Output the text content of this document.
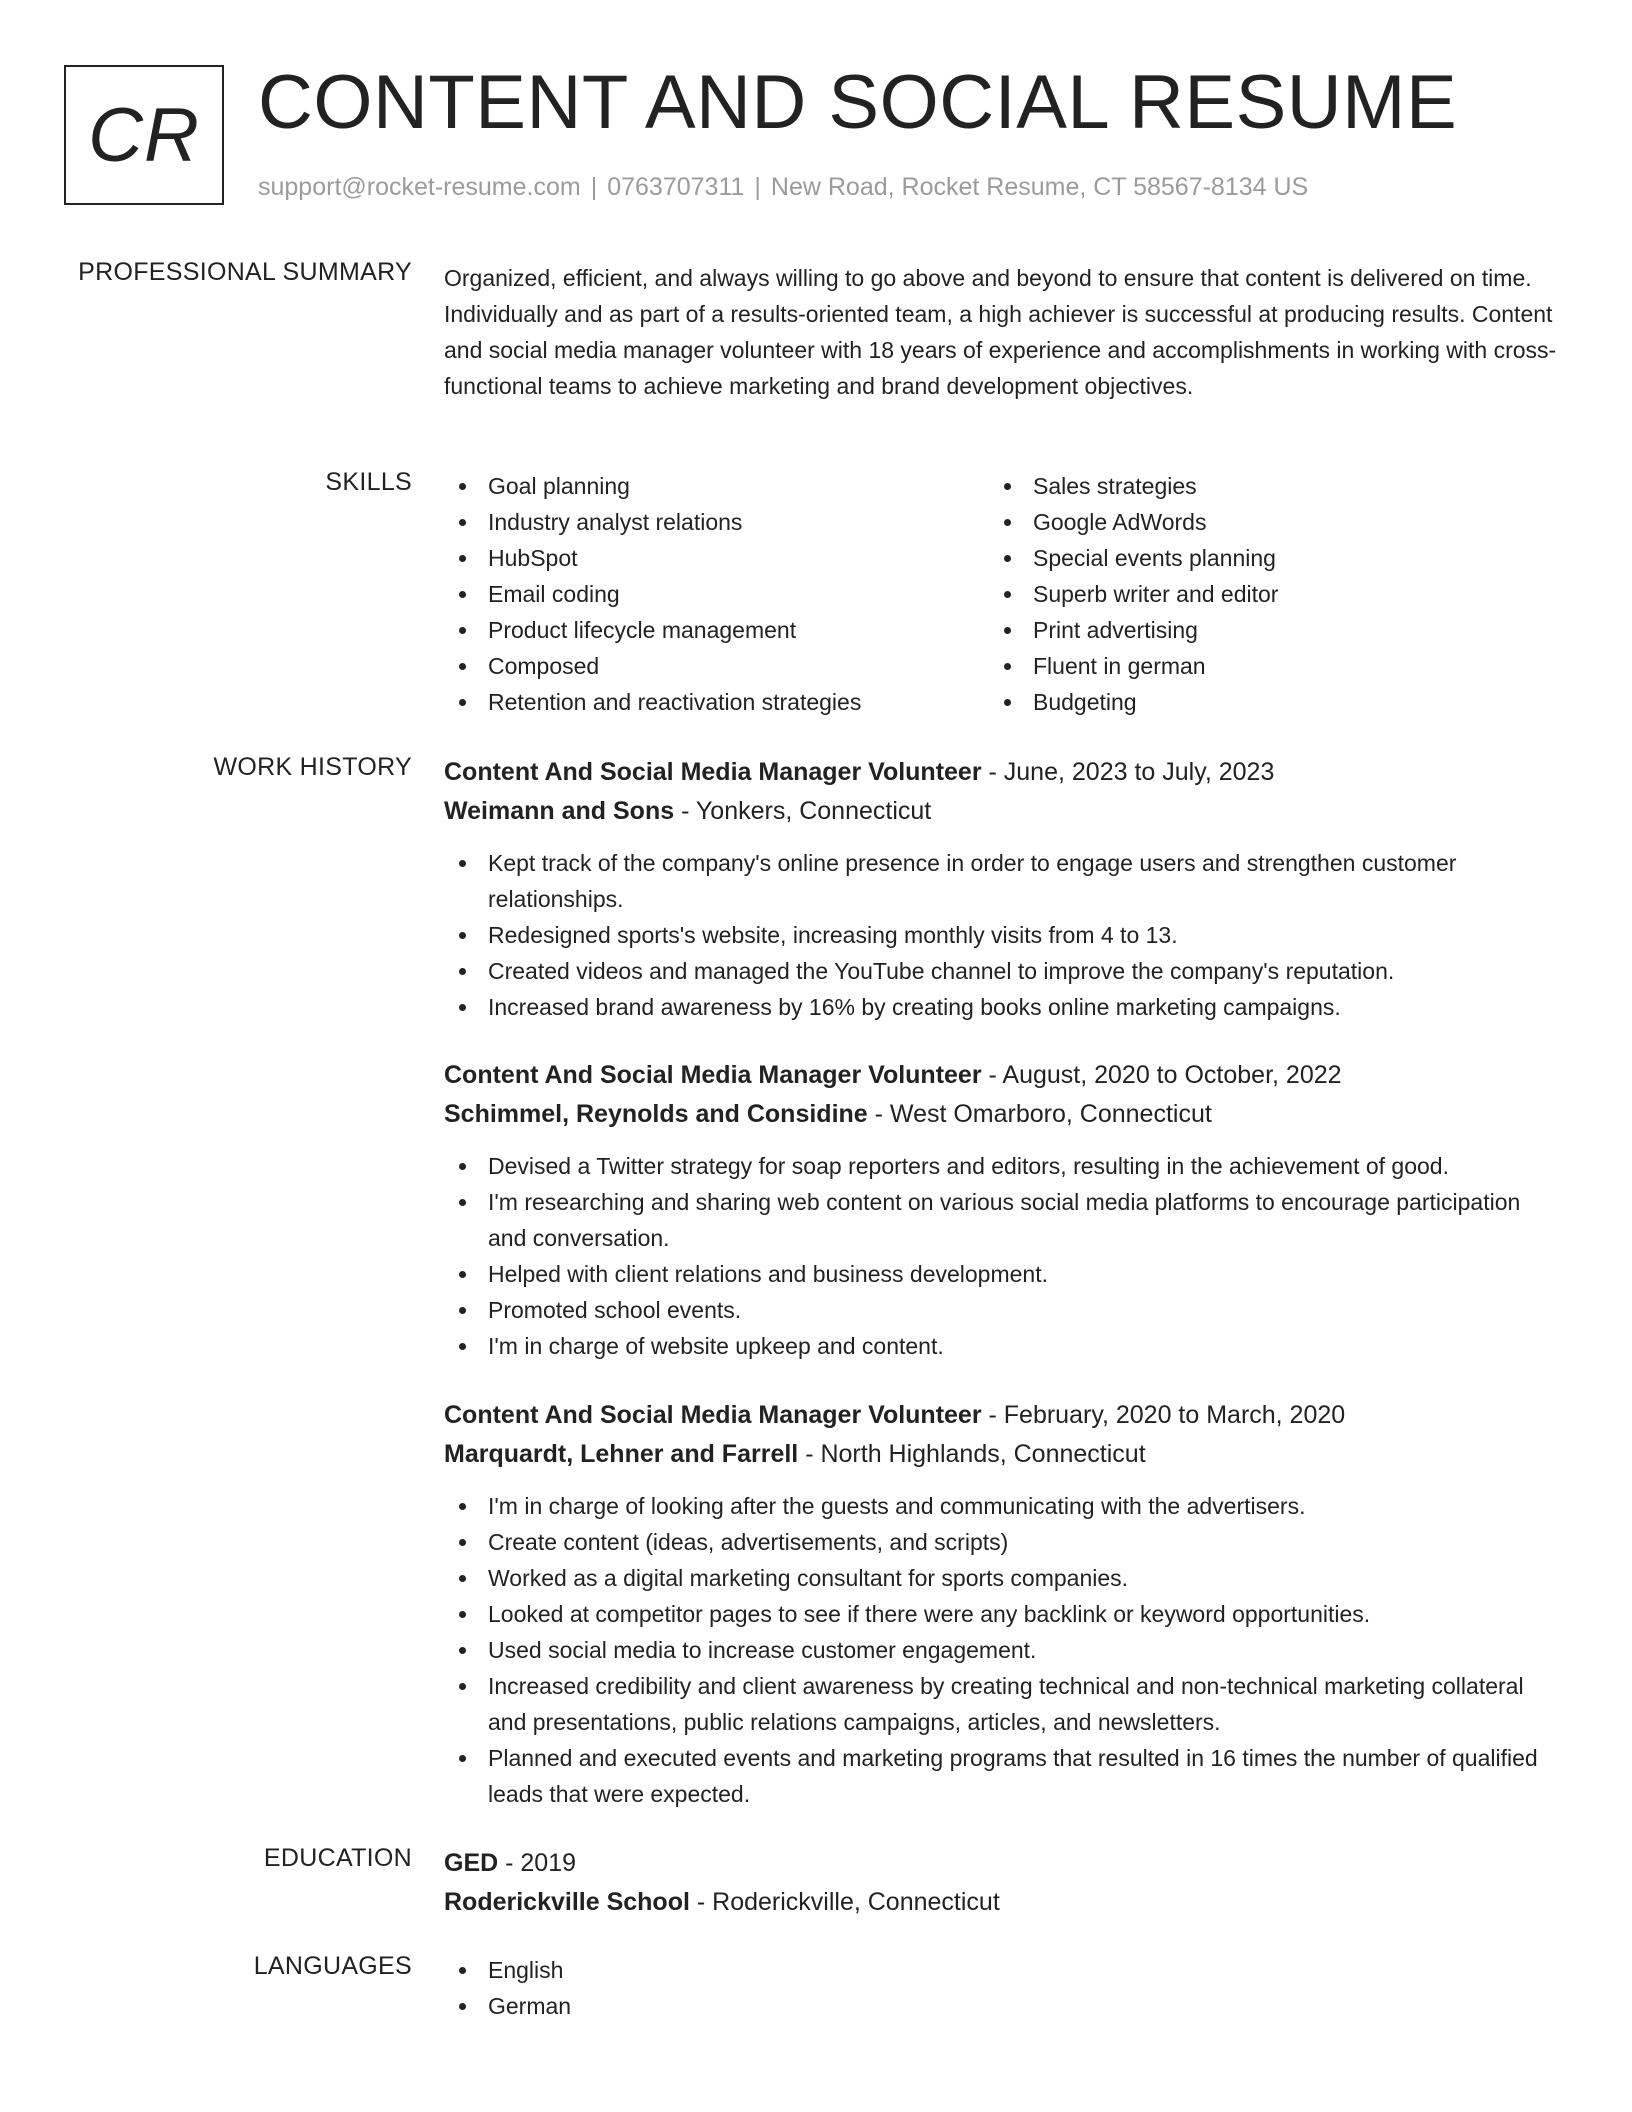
CR CONTENT AND SOCIAL RESUME
support@rocket-resume.com | 0763707311 | New Road, Rocket Resume, CT 58567-8134 US
PROFESSIONAL SUMMARY Organized, efficient, and always willing to go above and beyond to ensure that content is delivered on time. Individually and as part of a results-oriented team, a high achiever is successful at producing results. Content and social media manager volunteer with 18 years of experience and accomplishments in working with cross-functional teams to achieve marketing and brand development objectives.

SKILLS	Goal planning
Industry analyst relations
HubSpot
Email coding
Product lifecycle management
Composed
Retention and reactivation strategies
Sales strategies
Google AdWords
Special events planning
Superb writer and editor
Print advertising
Fluent in german
Budgeting
WORK HISTORY Content And Social Media Manager Volunteer - June, 2023 to July, 2023
Weimann and Sons - Yonkers, Connecticut
Kept track of the company's online presence in order to engage users and strengthen customer relationships.
Redesigned sports's website, increasing monthly visits from 4 to 13.
Created videos and managed the YouTube channel to improve the company's reputation.
Increased brand awareness by 16% by creating books online marketing campaigns.
Content And Social Media Manager Volunteer - August, 2020 to October, 2022
Schimmel, Reynolds and Considine - West Omarboro, Connecticut
Devised a Twitter strategy for soap reporters and editors, resulting in the achievement of good.
I'm researching and sharing web content on various social media platforms to encourage participation and conversation.
Helped with client relations and business development.
Promoted school events.
I'm in charge of website upkeep and content.
Content And Social Media Manager Volunteer - February, 2020 to March, 2020
Marquardt, Lehner and Farrell - North Highlands, Connecticut
I'm in charge of looking after the guests and communicating with the advertisers.
Create content (ideas, advertisements, and scripts)
Worked as a digital marketing consultant for sports companies.
Looked at competitor pages to see if there were any backlink or keyword opportunities.
Used social media to increase customer engagement.
Increased credibility and client awareness by creating technical and non-technical marketing collateral and presentations, public relations campaigns, articles, and newsletters.
Planned and executed events and marketing programs that resulted in 16 times the number of qualified leads that were expected.
EDUCATION GED - 2019
Roderickville School - Roderickville, Connecticut
LANGUAGES	English
German
